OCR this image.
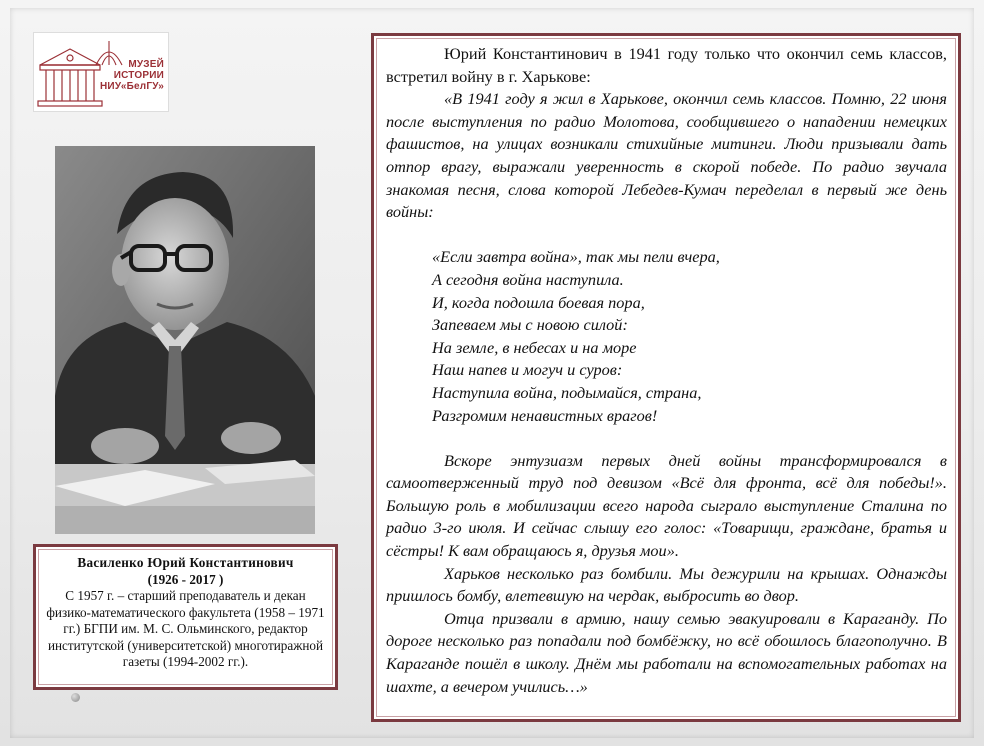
МУЗЕЙ
ИСТОРИИ
НИУ«БелГУ»
Василенко Юрий Константинович
(1926 - 2017 )
С 1957 г. – старший преподаватель и декан физико-математического факультета (1958 – 1971 гг.) БГПИ им. М. С. Ольминского, редактор институтской (университетской) многотиражной газеты (1994-2002 гг.).

Юрий Константинович в 1941 году только что окончил семь классов, встретил войну в г. Харькове:

«В 1941 году я жил в Харькове, окончил семь классов. Помню, 22 июня после выступления по радио Молотова, сообщившего о нападении немецких фашистов, на улицах возникали стихийные митинги. Люди призывали дать отпор врагу, выражали уверенность в скорой победе. По радио звучала знакомая песня, слова которой Лебедев-Кумач переделал в первый же день войны:

«Если завтра война», так мы пели вчера,
А сегодня война наступила.
И, когда подошла боевая пора,
Запеваем мы с новою силой:
На земле, в небесах и на море
Наш напев и могуч и суров:
Наступила война, подымайся, страна,
Разгромим ненавистных врагов!

Вскоре энтузиазм первых дней войны трансформировался в самоотверженный труд под девизом «Всё для фронта, всё для победы!». Большую роль в мобилизации всего народа сыграло выступление Сталина по радио 3-го июля. И сейчас слышу его голос: «Товарищи, граждане, братья и сёстры! К вам обращаюсь я, друзья мои».

Харьков несколько раз бомбили. Мы дежурили на крышах. Однажды пришлось бомбу, влетевшую на чердак, выбросить во двор.

Отца призвали в армию, нашу семью эвакуировали в Караганду. По дороге несколько раз попадали под бомбёжку, но всё обошлось благополучно. В Караганде пошёл в школу. Днём мы работали на вспомогательных работах на шахте, а вечером учились…»
